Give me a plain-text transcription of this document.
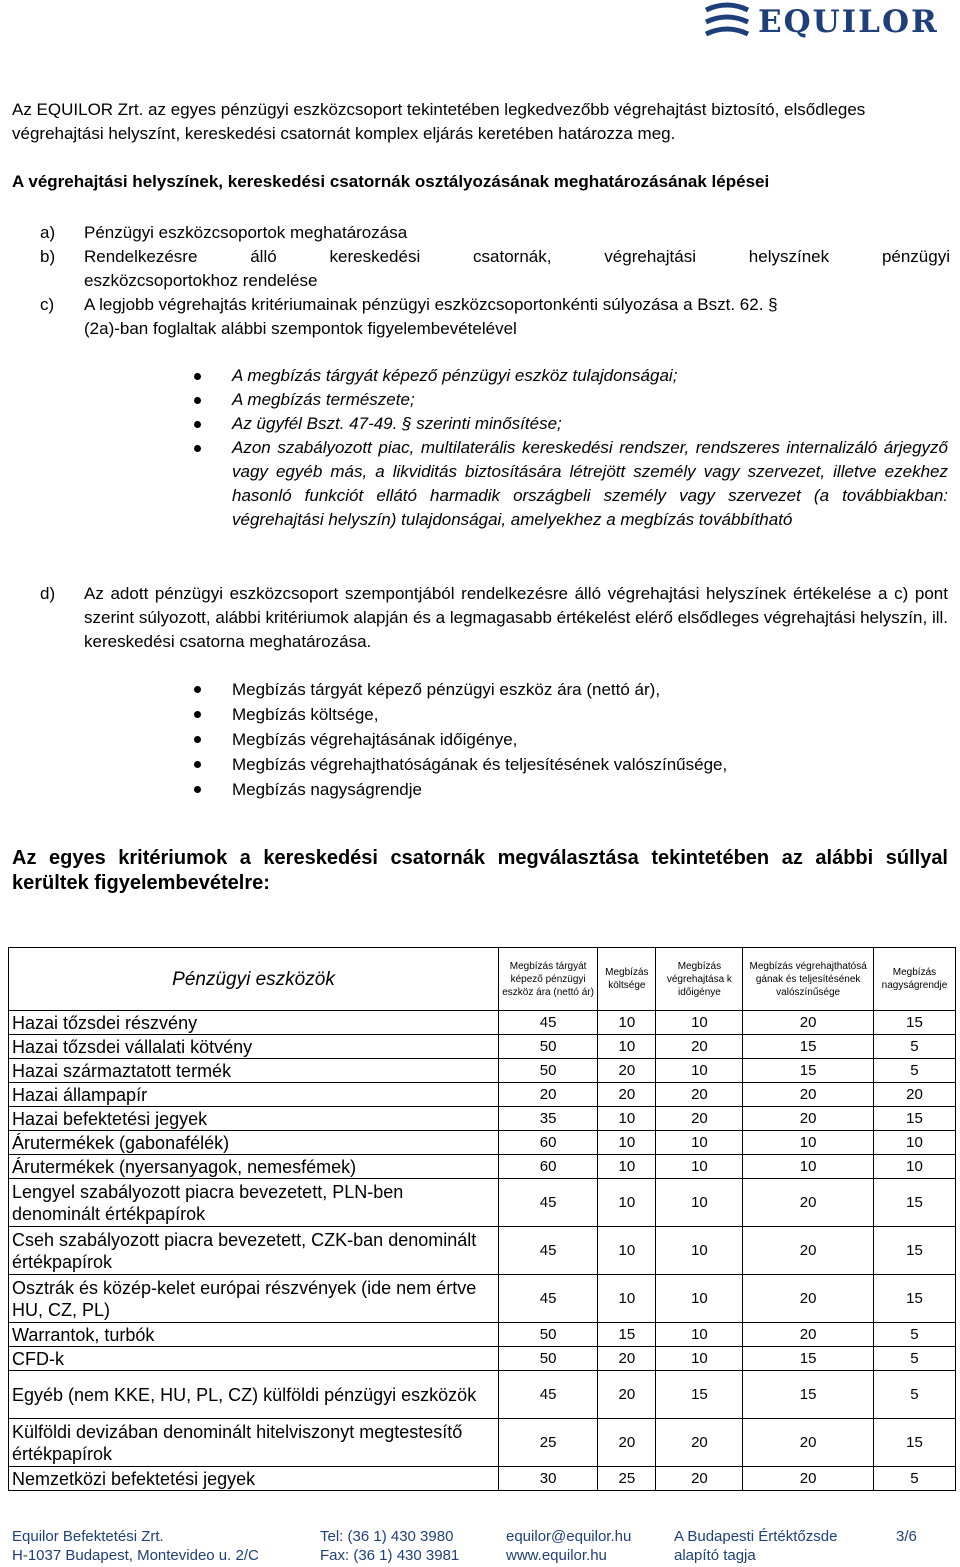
EQUILOR
Az EQUILOR Zrt. az egyes pénzügyi eszközcsoport tekintetében legkedvezőbb végrehajtást biztosító, elsődleges végrehajtási helyszínt, kereskedési csatornát komplex eljárás keretében határozza meg.
A végrehajtási helyszínek, kereskedési csatornák osztályozásának meghatározásának lépései
a) Pénzügyi eszközcsoportok meghatározása
b) Rendelkezésre álló kereskedési csatornák, végrehajtási helyszínek pénzügyi
eszközcsoportokhoz rendelése
c) A legjobb végrehajtás kritériumainak pénzügyi eszközcsoportonkénti súlyozása a Bszt. 62. §
(2a)-ban foglaltak alábbi szempontok figyelembevételével
A megbízás tárgyát képező pénzügyi eszköz tulajdonságai;
A megbízás természete;
Az ügyfél Bszt. 47-49. § szerinti minősítése;
Azon szabályozott piac, multilaterális kereskedési rendszer, rendszeres internalizáló árjegyző vagy egyéb más, a likviditás biztosítására létrejött személy vagy szervezet, illetve ezekhez hasonló funkciót ellátó harmadik országbeli személy vagy szervezet (a továbbiakban: végrehajtási helyszín) tulajdonságai, amelyekhez a megbízás továbbítható
d) Az adott pénzügyi eszközcsoport szempontjából rendelkezésre álló végrehajtási helyszínek értékelése a c) pont szerint súlyozott, alábbi kritériumok alapján és a legmagasabb értékelést elérő elsődleges végrehajtási helyszín, ill. kereskedési csatorna meghatározása.
Megbízás tárgyát képező pénzügyi eszköz ára (nettó ár),
Megbízás költsége,
Megbízás végrehajtásának időigénye,
Megbízás végrehajthatóságának és teljesítésének valószínűsége,
Megbízás nagyságrendje
Az egyes kritériumok a kereskedési csatornák megválasztása tekintetében az alábbi súllyal kerültek figyelembevételre:
Pénzügyi eszközök	Megbízás tárgyát képező pénzügyi eszköz ára (nettó ár)	Megbízás költsége	Megbízás végrehajtása k időigénye	Megbízás végrehajthatósá gának és teljesítésének valószínűsége	Megbízás nagyságrendje
Hazai tőzsdei részvény	45	10	10	20	15
Hazai tőzsdei vállalati kötvény	50	10	20	15	5
Hazai származtatott termék	50	20	10	15	5
Hazai állampapír	20	20	20	20	20
Hazai befektetési jegyek	35	10	20	20	15
Árutermékek (gabonafélék)	60	10	10	10	10
Árutermékek (nyersanyagok, nemesfémek)	60	10	10	10	10
Lengyel szabályozott piacra bevezetett, PLN-ben denominált értékpapírok	45	10	10	20	15
Cseh szabályozott piacra bevezetett, CZK-ban denominált értékpapírok	45	10	10	20	15
Osztrák és közép-kelet európai részvények (ide nem értve HU, CZ, PL)	45	10	10	20	15
Warrantok, turbók	50	15	10	20	5
CFD-k	50	20	10	15	5
Egyéb (nem KKE, HU, PL, CZ) külföldi pénzügyi eszközök	45	20	15	15	5
Külföldi devizában denominált hitelviszonyt megtestesítő értékpapírok	25	20	20	20	15
Nemzetközi befektetési jegyek	30	25	20	20	5
Equilor Befektetési Zrt.
H-1037 Budapest, Montevideo u. 2/C
Tel: (36 1) 430 3980
Fax: (36 1) 430 3981
equilor@equilor.hu
www.equilor.hu
A Budapesti Értéktőzsde
alapító tagja
3/6
